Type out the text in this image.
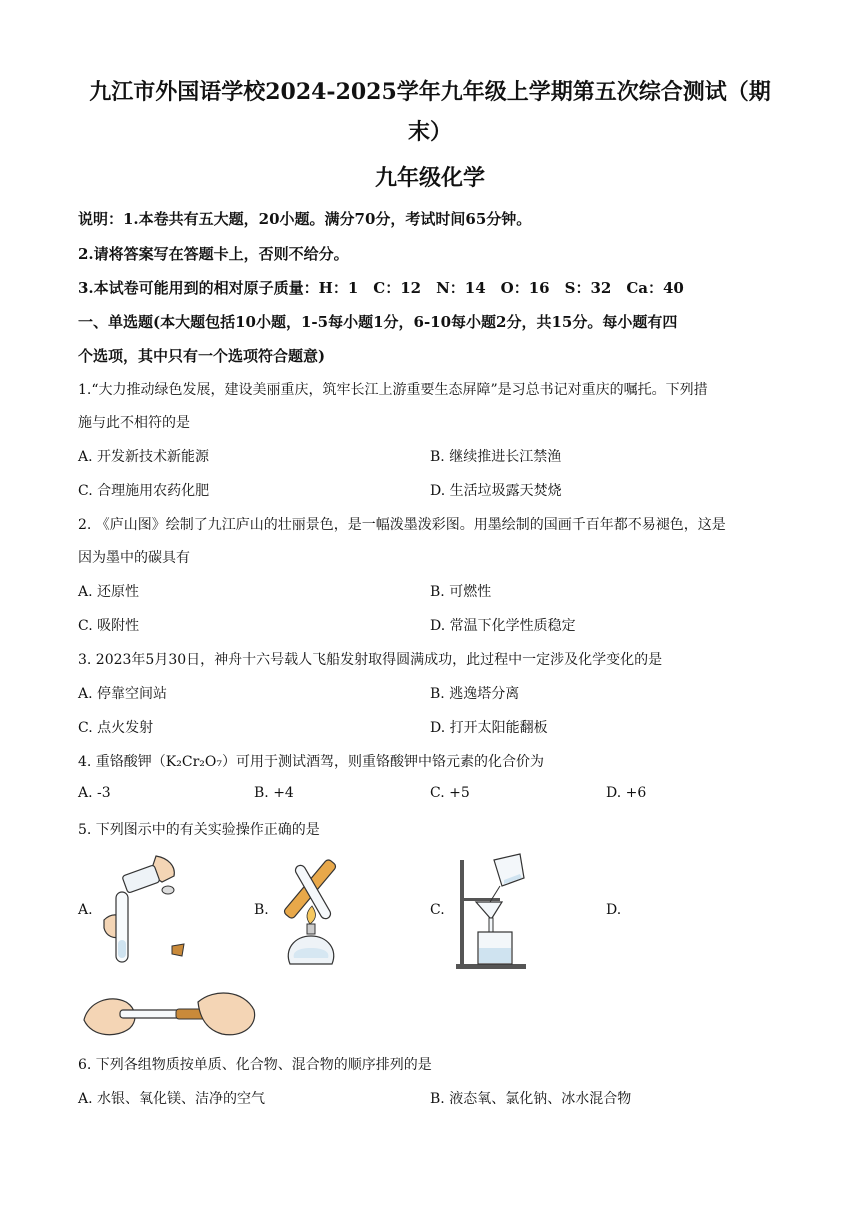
九江市外国语学校2024-2025学年九年级上学期第五次综合测试（期
末）
九年级化学
说明：1.本卷共有五大题，20小题。满分70分，考试时间65分钟。
2.请将答案写在答题卡上，否则不给分。
3.本试卷可能用到的相对原子质量：H：1　C：12　N：14　O：16　S：32　Ca：40
一、单选题(本大题包括10小题，1-5每小题1分，6-10每小题2分，共15分。每小题有四
个选项，其中只有一个选项符合题意)
1.“大力推动绿色发展，建设美丽重庆，筑牢长江上游重要生态屏障”是习总书记对重庆的嘱托。下列措
施与此不相符的是
A. 开发新技术新能源	B. 继续推进长江禁渔
C. 合理施用农药化肥	D. 生活垃圾露天焚烧
2. 《庐山图》绘制了九江庐山的壮丽景色，是一幅泼墨泼彩图。用墨绘制的国画千百年都不易褪色，这是
因为墨中的碳具有
A. 还原性	B. 可燃性
C. 吸附性	D. 常温下化学性质稳定
3. 2023年5月30日，神舟十六号载人飞船发射取得圆满成功，此过程中一定涉及化学变化的是
A. 停靠空间站	B. 逃逸塔分离
C. 点火发射	D. 打开太阳能翻板
4. 重铬酸钾（K₂Cr₂O₇）可用于测试酒驾，则重铬酸钾中铬元素的化合价为
A. -3	B. +4	C. +5	D. +6
5. 下列图示中的有关实验操作正确的是
A.	B.	C.	D.
6. 下列各组物质按单质、化合物、混合物的顺序排列的是
A. 水银、氧化镁、洁净的空气	B. 液态氧、氯化钠、冰水混合物
